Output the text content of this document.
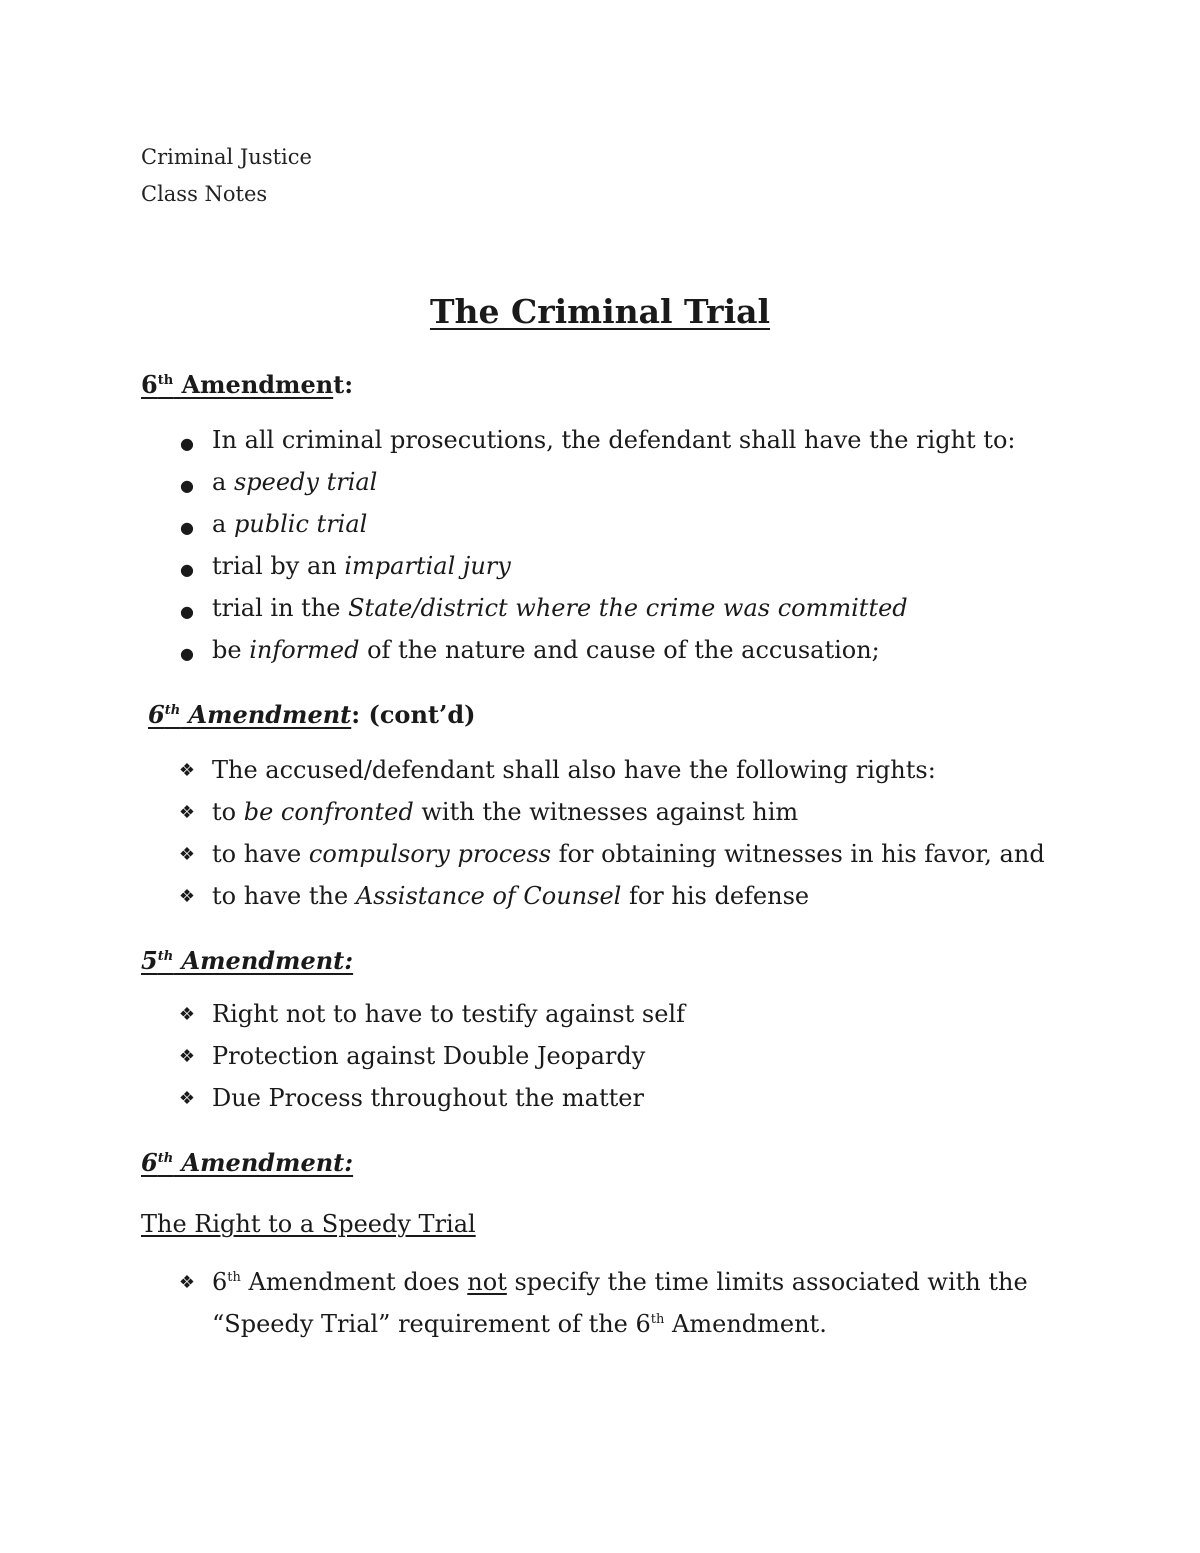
Criminal Justice
Class Notes
The Criminal Trial
6th Amendment:
● In all criminal prosecutions, the defendant shall have the right to:
● a speedy trial
● a public trial
● trial by an impartial jury
● trial in the State/district where the crime was committed
● be informed of the nature and cause of the accusation;
6th Amendment: (cont’d)
❖ The accused/defendant shall also have the following rights:
❖ to be confronted with the witnesses against him
❖ to have compulsory process for obtaining witnesses in his favor, and
❖ to have the Assistance of Counsel for his defense
5th Amendment:
❖ Right not to have to testify against self
❖ Protection against Double Jeopardy
❖ Due Process throughout the matter
6th Amendment:
The Right to a Speedy Trial
❖ 6th Amendment does not specify the time limits associated with the
“Speedy Trial” requirement of the 6th Amendment.
